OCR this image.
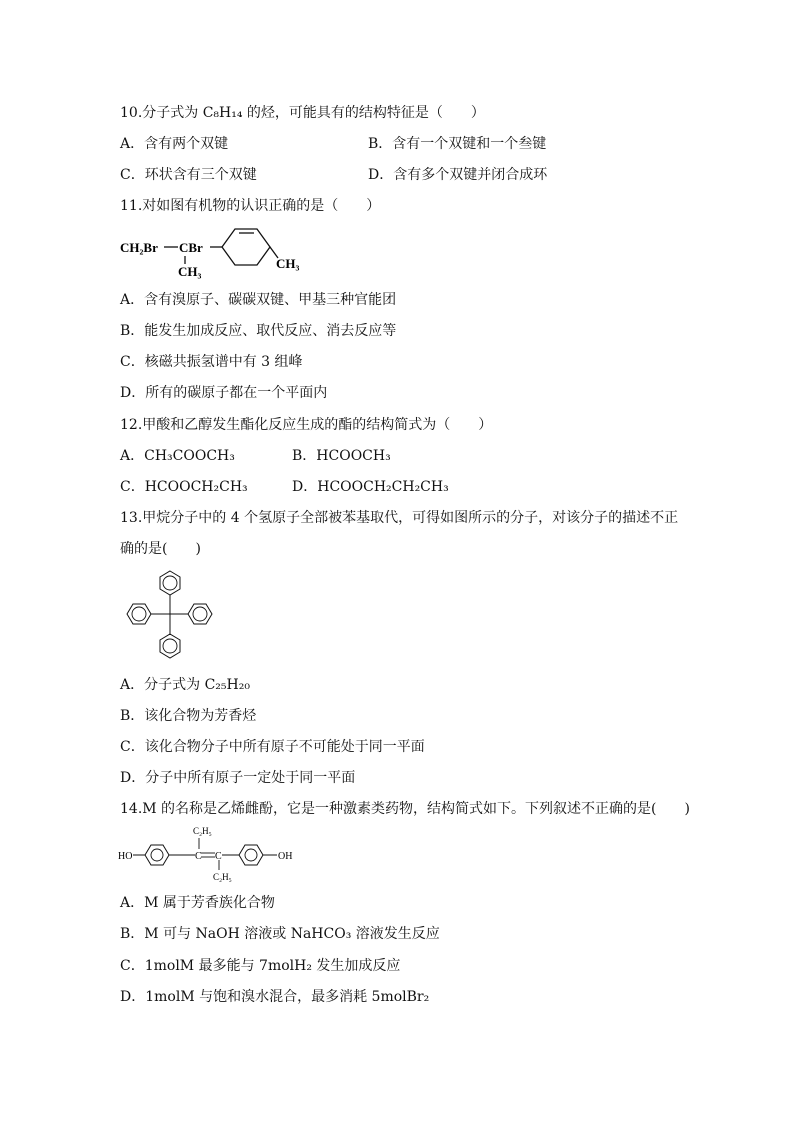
10.分子式为 C₈H₁₄ 的烃，可能具有的结构特征是（　　）
A．含有两个双键	B．含有一个双键和一个叁键
C．环状含有三个双键	D．含有多个双键并闭合成环
11.对如图有机物的认识正确的是（　　）
CH₂Br CBr
CH₃
CH₃
A．含有溴原子、碳碳双键、甲基三种官能团
B．能发生加成反应、取代反应、消去反应等
C．核磁共振氢谱中有 3 组峰
D．所有的碳原子都在一个平面内
12.甲酸和乙醇发生酯化反应生成的酯的结构简式为（　　）
A．CH₃COOCH₃	B．HCOOCH₃
C．HCOOCH₂CH₃	D．HCOOCH₂CH₂CH₃
13.甲烷分子中的 4 个氢原子全部被苯基取代，可得如图所示的分子，对该分子的描述不正
确的是(　　)
A．分子式为 C₂₅H₂₀
B．该化合物为芳香烃
C．该化合物分子中所有原子不可能处于同一平面
D．分子中所有原子一定处于同一平面
14.M 的名称是乙烯雌酚，它是一种激素类药物，结构简式如下。下列叙述不正确的是(　　)
HO	C C
C₂H₅
C₂H₅
OH
A．M 属于芳香族化合物
B．M 可与 NaOH 溶液或 NaHCO₃ 溶液发生反应
C．1molM 最多能与 7molH₂ 发生加成反应
D．1molM 与饱和溴水混合，最多消耗 5molBr₂
